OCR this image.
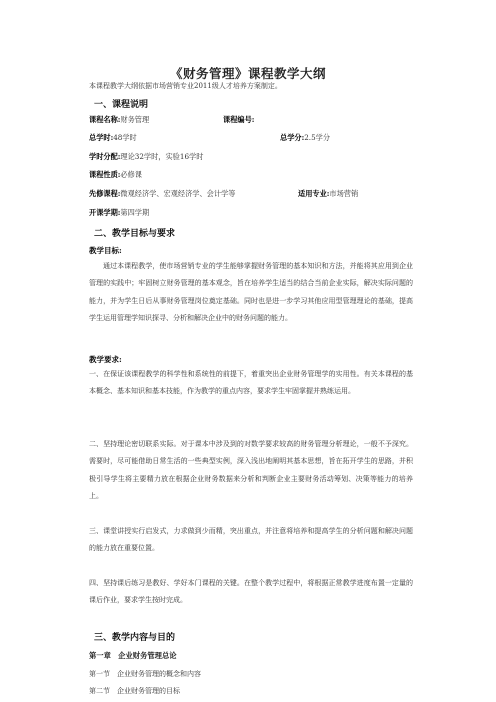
《财务管理》课程教学大纲
本课程教学大纲依据市场营销专业2011级人才培养方案制定。
一、课程说明
课程名称:财务管理	课程编号:
总学时:48学时	总学分:2.5学分
学时分配:理论32学时，实验16学时
课程性质:必修课
先修课程:微观经济学、宏观经济学、会计学等	适用专业:市场营销
开课学期:第四学期
二、教学目标与要求
教学目标:

通过本课程教学，使市场营销专业的学生能够掌握财务管理的基本知识和方法，并能将其应用到企业管理的实践中；牢固树立财务管理的基本观念，旨在培养学生适当的结合当前企业实际，解决实际问题的能力，并为学生日后从事财务管理岗位奠定基础。同时也是进一步学习其他应用型管理理论的基础，提高学生运用管理学知识探寻、分析和解决企业中的财务问题的能力。

教学要求:

一、在保证该课程教学的科学性和系统性的前提下，着重突出企业财务管理学的实用性。有关本课程的基本概念、基本知识和基本技能，作为教学的重点内容，要求学生牢固掌握并熟练运用。

二、坚持理论密切联系实际。对于课本中涉及到的对数学要求较高的财务管理分析理论，一般不予深究。需要时，尽可能借助日常生活的一些典型实例，深入浅出地阐明其基本思想，旨在拓开学生的思路，并积极引导学生将主要精力放在根据企业财务数据来分析和判断企业主要财务活动筹划、决策等能力的培养上。

三、课堂讲授实行启发式，力求做到少而精，突出重点，并注意将培养和提高学生的分析问题和解决问题的能力放在重要位置。

四、坚持课后练习是教好、学好本门课程的关键。在整个教学过程中，将根据正常教学进度布置一定量的课后作业，要求学生按时完成。

三、教学内容与目的
第一章　企业财务管理总论
第一节　企业财务管理的概念和内容
第二节　企业财务管理的目标
